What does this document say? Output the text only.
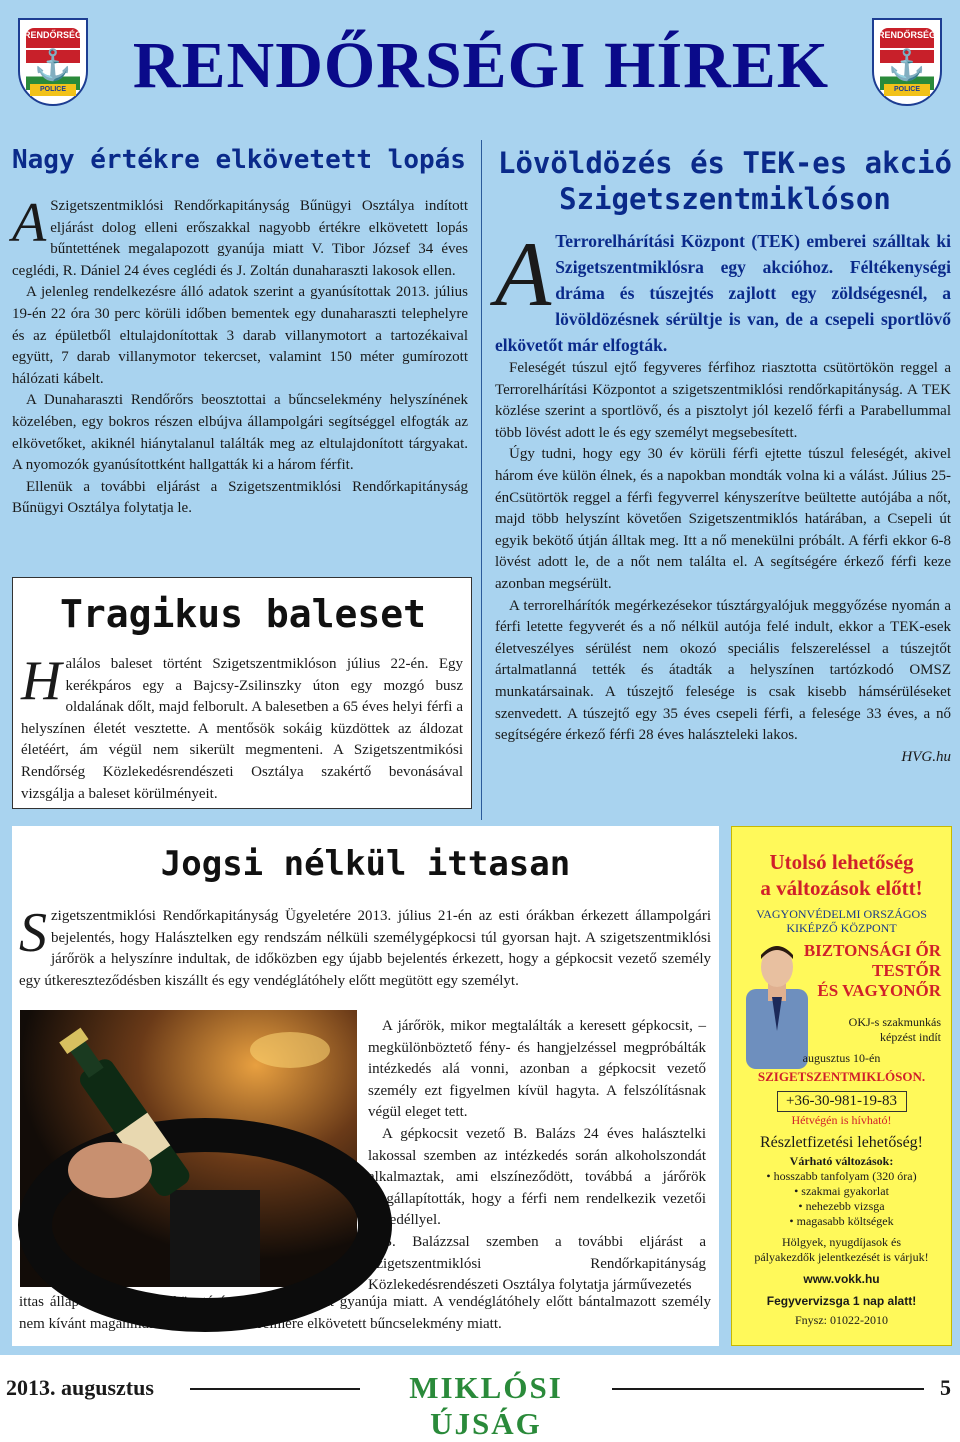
RENDŐRSÉG
⚓
POLICE	RENDŐRSÉGI HÍREK	RENDŐRSÉG
⚓
POLICE
Nagy értékre elkövetett lopás
A Szigetszentmiklósi Rendőrkapitányság Bűnügyi Osztálya indított eljárást dolog elleni erőszakkal nagyobb értékre elkövetett lopás bűntettének megalapozott gyanúja miatt V. Tibor József 34 éves ceglédi, R. Dániel 24 éves ceglédi és J. Zoltán dunaharaszti lakosok ellen.

A jelenleg rendelkezésre álló adatok szerint a gyanúsítottak 2013. július 19-én 22 óra 30 perc körüli időben bementek egy dunaharaszti telephelyre és az épületből eltulajdonítottak 3 darab villanymotort a tartozékaival együtt, 7 darab villanymotor tekercset, valamint 150 méter gumírozott hálózati kábelt.

A Dunaharaszti Rendőrőrs beosztottai a bűncselekmény helyszínének közelében, egy bokros részen elbújva állampolgári segítséggel elfogták az elkövetőket, akiknél hiánytalanul találták meg az eltulajdonított tárgyakat. A nyomozók gyanúsítottként hallgatták ki a három férfit.

Ellenük a további eljárást a Szigetszentmiklósi Rendőrkapitányság Bűnügyi Osztálya folytatja le.

Tragikus baleset
H alálos baleset történt Szigetszentmiklóson július 22-én. Egy kerékpáros egy a Bajcsy-Zsilinszky úton egy mozgó busz oldalának dőlt, majd felborult. A balesetben a 65 éves helyi férfi a helyszínen életét vesztette. A mentősök sokáig küzdöttek az áldozat életéért, ám végül nem sikerült megmenteni. A Szigetszentmikósi Rendőrség Közlekedésrendészeti Osztálya szakértő bevonásával vizsgálja a baleset körülményeit.
Lövöldözés és TEK-es akció Szigetszentmiklóson
A Terrorelhárítási Központ (TEK) emberei szálltak ki Szigetszentmiklósra egy akcióhoz. Féltékenységi dráma és túszejtés zajlott egy zöldségesnél, a lövöldözésnek sérültje is van, de a csepeli sportlövő elkövetőt már elfogták.

Feleségét túszul ejtő fegyveres férfihoz riasztotta csütörtökön reggel a Terrorelhárítási Központot a szigetszentmiklósi rendőrkapitányság. A TEK közlése szerint a sportlövő, és a pisztolyt jól kezelő férfi a Parabellummal több lövést adott le és egy személyt megsebesített.

Úgy tudni, hogy egy 30 év körüli férfi ejtette túszul feleségét, akivel három éve külön élnek, és a napokban mondták volna ki a válást. Július 25-énCsütörtök reggel a férfi fegyverrel kényszerítve beültette autójába a nőt, majd több helyszínt követően Szigetszentmiklós határában, a Csepeli út egyik bekötő útján álltak meg. Itt a nő menekülni próbált. A férfi ekkor 6-8 lövést adott le, de a nőt nem találta el. A segítségére érkező férfi keze azonban megsérült.

A terrorelhárítók megérkezésekor túsztárgyalójuk meggyőzése nyomán a férfi letette fegyverét és a nő nélkül autója felé indult, ekkor a TEK-esek életveszélyes sérülést nem okozó speciális felszereléssel a túszejtőt ártalmatlanná tették és átadták a helyszínen tartózkodó OMSZ munkatársainak. A túszejtő felesége is csak kisebb hámsérüléseket szenvedett. A túszejtő egy 35 éves csepeli férfi, a felesége 33 éves, a nő segítségére érkező férfi 28 éves halászteleki lakos.

HVG.hu
Jogsi nélkül ittasan
S zigetszentmiklósi Rendőrkapitányság Ügyeletére 2013. július 21-én az esti órákban érkezett állampolgári bejelentés, hogy Halásztelken egy rendszám nélküli személygépkocsi túl gyorsan hajt. A szigetszentmiklósi járőrök a helyszínre indultak, de időközben egy újabb bejelentés érkezett, hogy a gépkocsit vezető személy egy útkereszteződésben kiszállt és egy vendéglátóhely előtt megütött egy személyt.

A járőrök, mikor megtalálták a keresett gépkocsit, – megkülönböztető fény- és hangjelzéssel megpróbálták intézkedés alá vonni, azonban a gépkocsit vezető személy ezt figyelmen kívül hagyta. A felszólításnak végül eleget tett.

A gépkocsit vezető B. Balázs 24 éves halásztelki lakossal szemben az intézkedés során alkoholszondát alkalmaztak, ami elszíneződött, továbbá a járőrök megállapították, hogy a férfi nem rendelkezik vezetői engedéllyel.

B. Balázzsal szemben a további eljárást a Szigetszentmiklósi Rendőrkapitányság Közlekedésrendészeti Osztálya folytatja járművezetés

ittas állapotban vétség elkövetésének megalapozott gyanúja miatt. A vendéglátóhely előtt bántalmazott személy nem kívánt magánindítvánnyal élni a sérelmére elkövetett bűncselekmény miatt.
Utolsó lehetőség
a változások előtt!
VAGYONVÉDELMI ORSZÁGOS
KIKÉPZŐ KÖZPONT
BIZTONSÁGI ŐR
TESTŐR
ÉS VAGYONŐR
OKJ-s szakmunkás
képzést indít
augusztus 10-én
SZIGETSZENTMIKLÓSON.
+36-30-981-19-83
Hétvégén is hívható!
Részletfizetési lehetőség!
Várható változások:
• hosszabb tanfolyam (320 óra)
• szakmai gyakorlat
• nehezebb vizsga
• magasabb költségek
Hölgyek, nyugdíjasok és
pályakezdők jelentkezését is várjuk!
www.vokk.hu
Fegyvervizsga 1 nap alatt!
Fnysz: 01022-2010
2013. augusztus	MIKLÓSI ÚJSÁG
5
